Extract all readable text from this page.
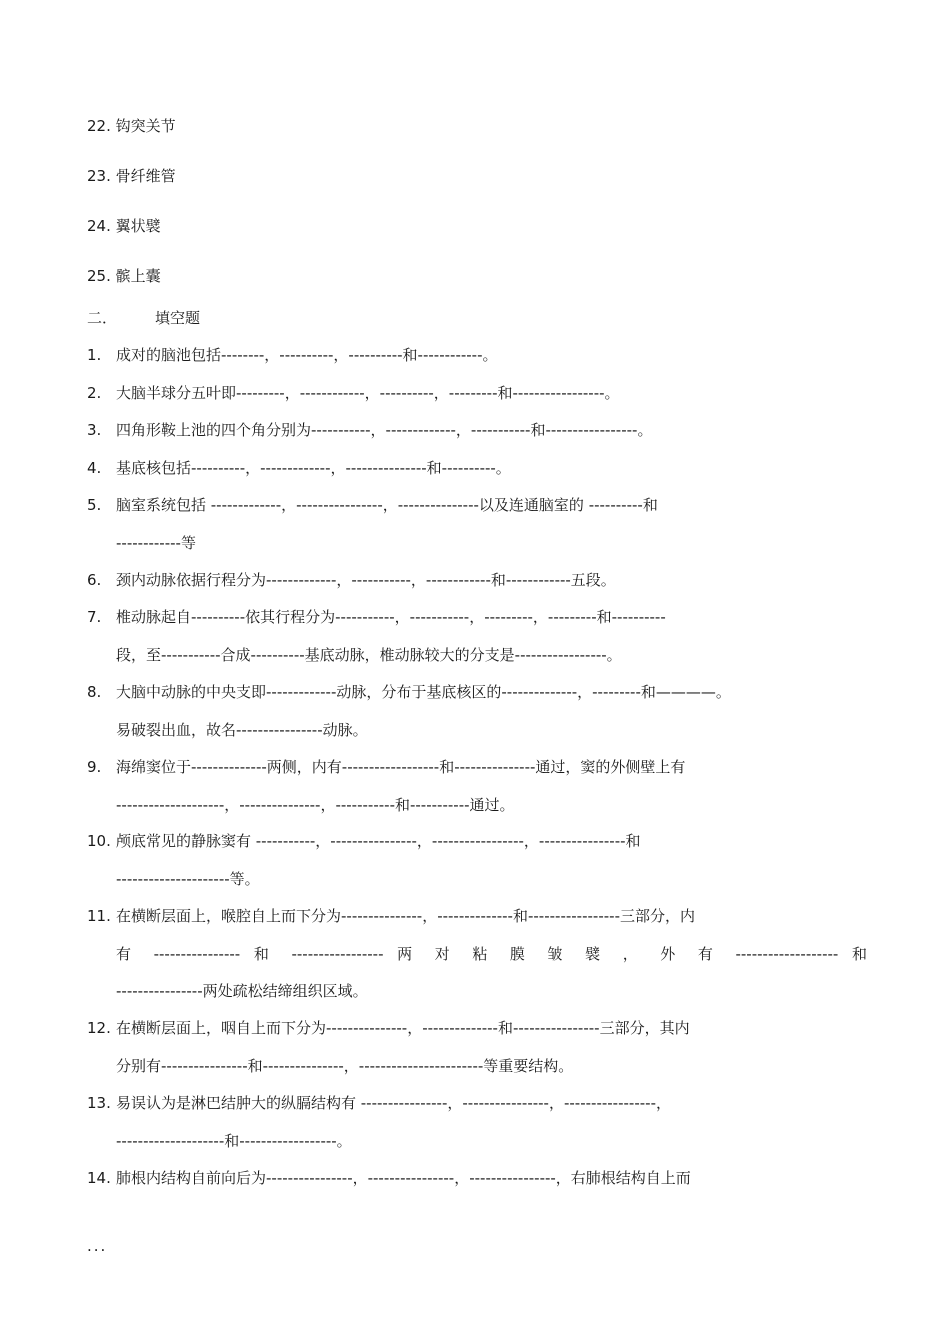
22. 钩突关节
23. 骨纤维管
24. 翼状襞
25. 髌上囊
二．	填空题
1. 成对的脑池包括--------，----------，----------和------------。
2. 大脑半球分五叶即---------，------------，----------，---------和-----------------。
3. 四角形鞍上池的四个角分别为-----------，-------------，-----------和-----------------。
4. 基底核包括----------，-------------，---------------和----------。
5. 脑室系统包括 -------------，----------------，---------------以及连通脑室的 ----------和
------------等
6. 颈内动脉依据行程分为-------------，-----------，------------和------------五段。
7. 椎动脉起自----------依其行程分为-----------，-----------，---------，---------和----------
段，至-----------合成----------基底动脉，椎动脉较大的分支是-----------------。
8. 大脑中动脉的中央支即-------------动脉，分布于基底核区的--------------，---------和————。
易破裂出血，故名----------------动脉。
9. 海绵窦位于--------------两侧，内有------------------和---------------通过，窦的外侧壁上有
--------------------，---------------，-----------和-----------通过。
10. 颅底常见的静脉窦有 -----------，----------------，-----------------，----------------和
---------------------等。
11. 在横断层面上，喉腔自上而下分为---------------，--------------和-----------------三部分，内
有 ---------------- 和 ----------------- 两 对 粘 膜 皱 襞 ， 外 有 ------------------- 和
----------------两处疏松结缔组织区域。
12. 在横断层面上，咽自上而下分为---------------，--------------和----------------三部分，其内
分别有----------------和---------------，-----------------------等重要结构。
13. 易误认为是淋巴结肿大的纵膈结构有 ----------------，----------------，-----------------，
--------------------和------------------。
14. 肺根内结构自前向后为----------------，----------------，----------------，右肺根结构自上而
...
